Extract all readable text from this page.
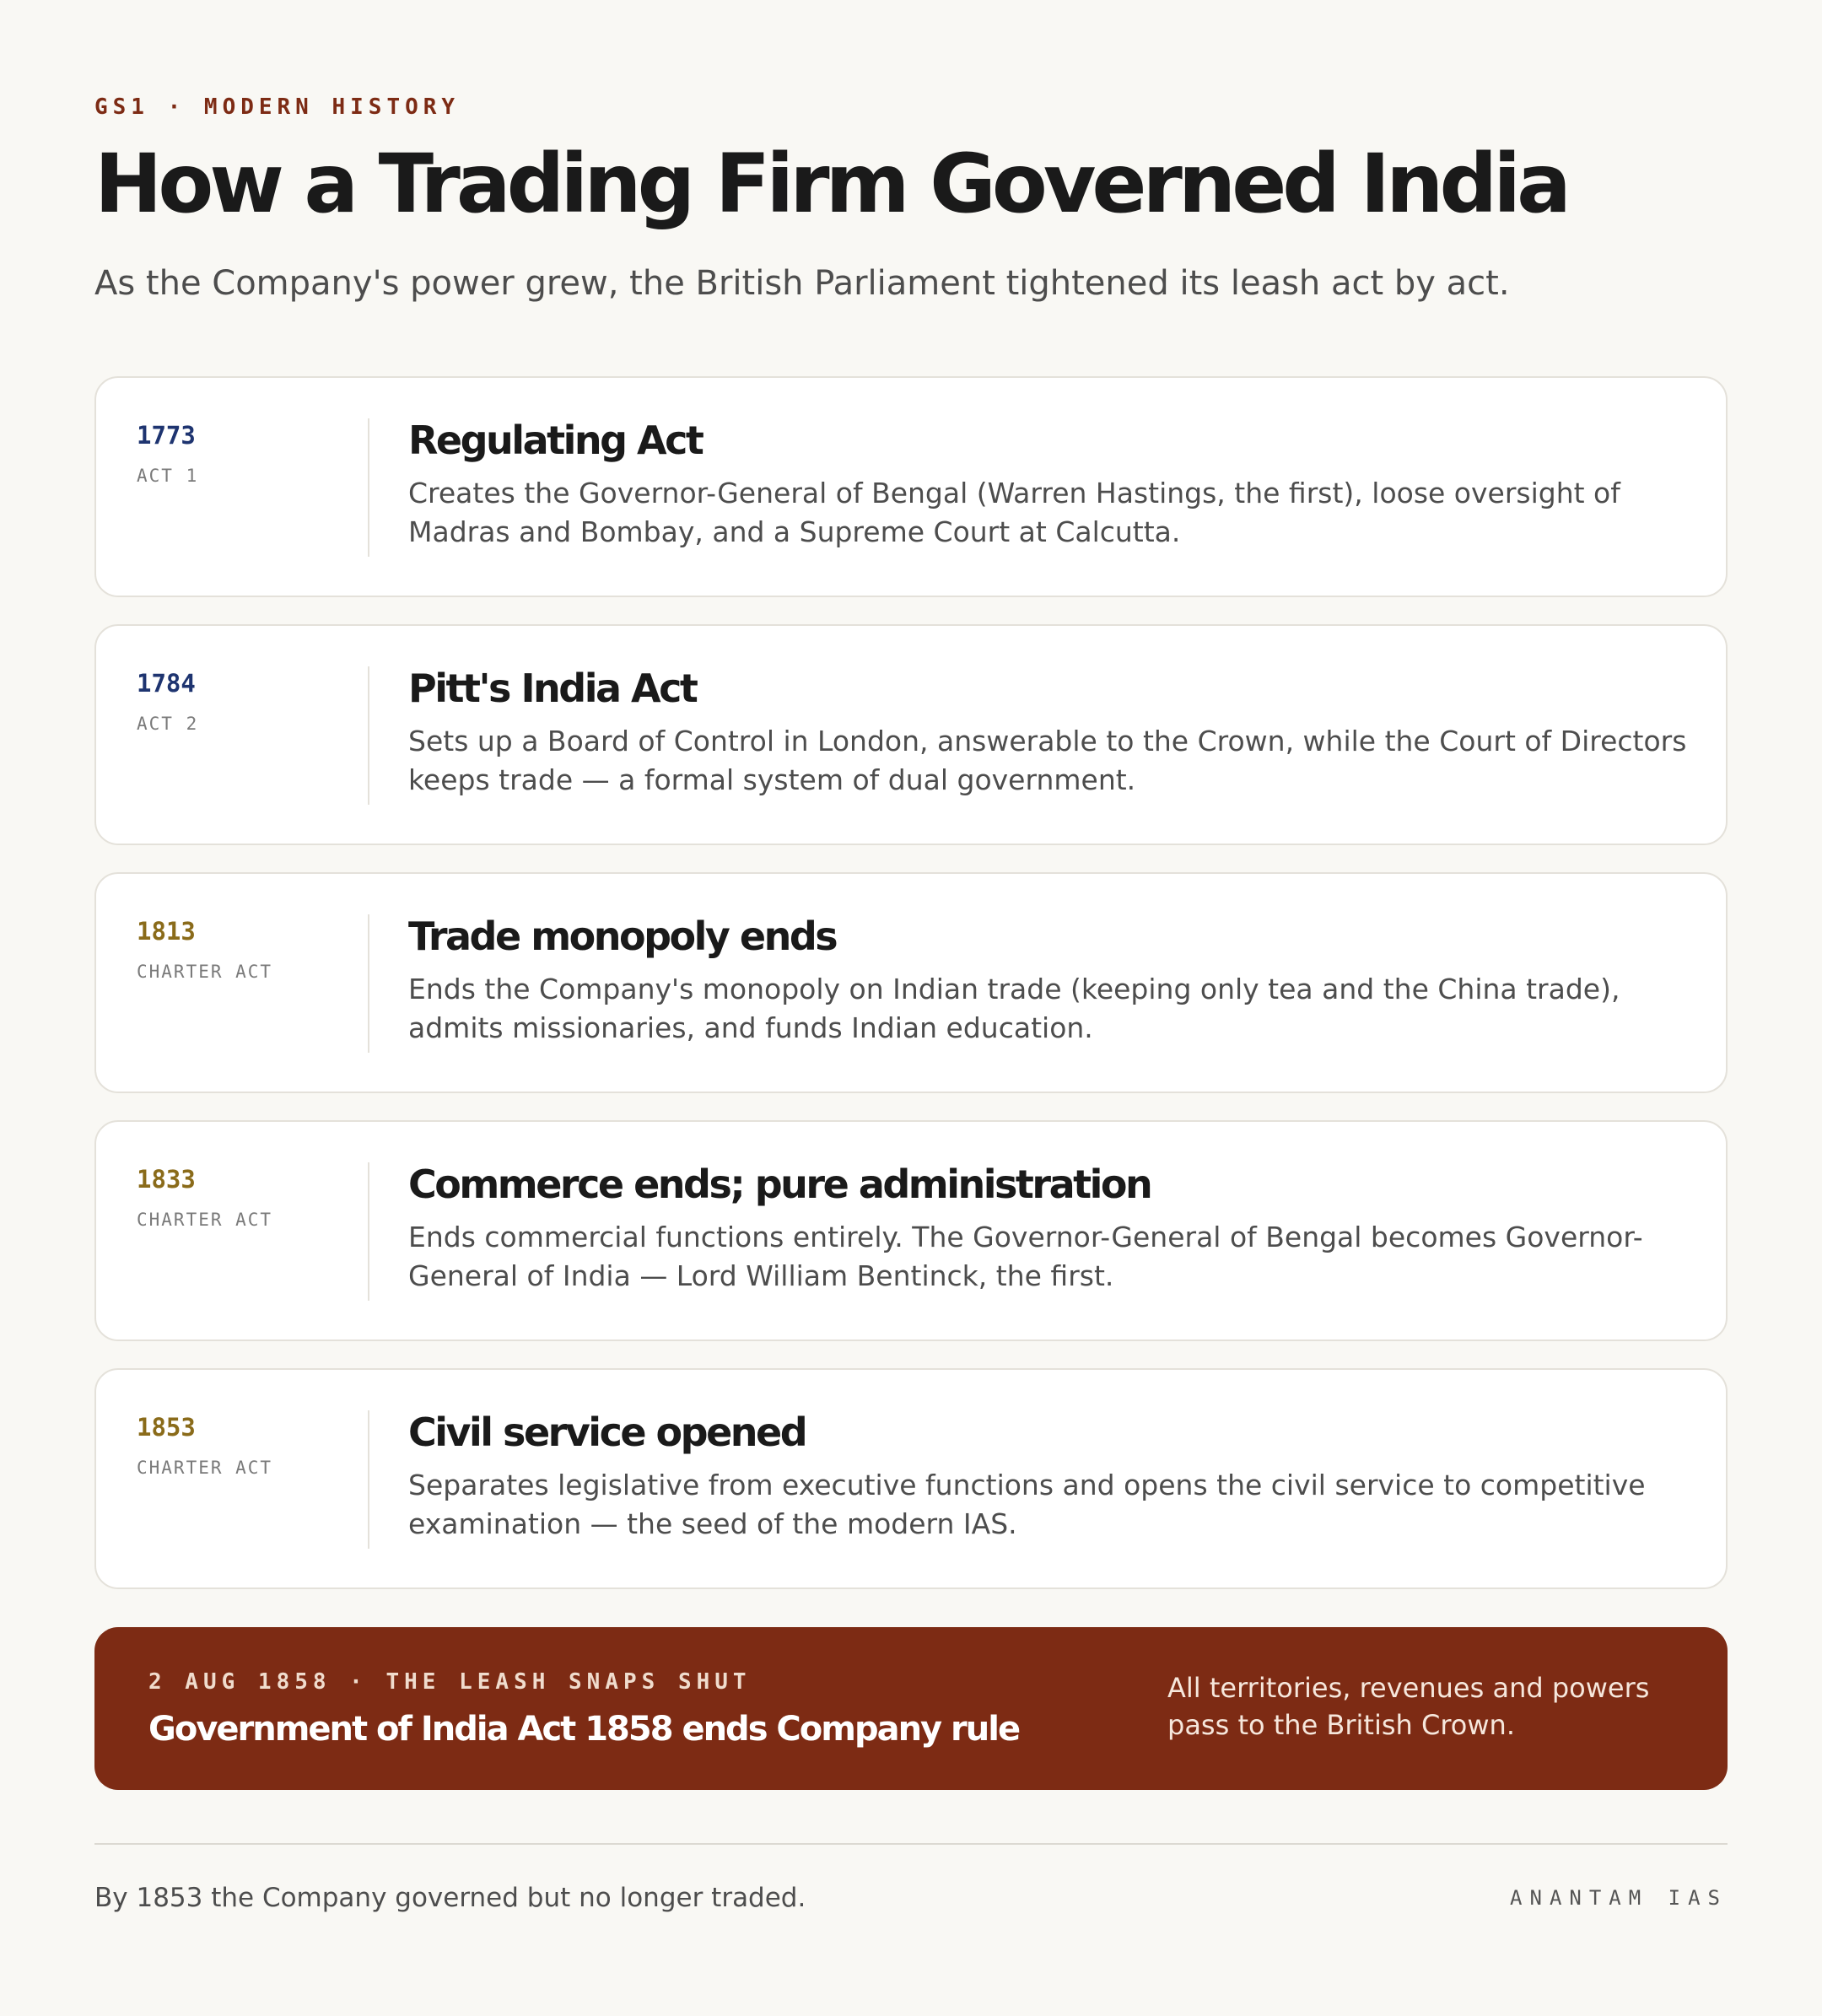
GS1 · MODERN HISTORY
How a Trading Firm Governed India

As the Company's power grew, the British Parliament tightened its leash act by act.

1773
ACT 1
Regulating Act

Creates the Governor-General of Bengal (Warren Hastings, the first), loose oversight of Madras and Bombay, and a Supreme Court at Calcutta.

1784
ACT 2
Pitt's India Act

Sets up a Board of Control in London, answerable to the Crown, while the Court of Directors keeps trade — a formal system of dual government.

1813
CHARTER ACT
Trade monopoly ends

Ends the Company's monopoly on Indian trade (keeping only tea and the China trade), admits missionaries, and funds Indian education.

1833
CHARTER ACT
Commerce ends; pure administration

Ends commercial functions entirely. The Governor-General of Bengal becomes Governor-General of India — Lord William Bentinck, the first.

1853
CHARTER ACT
Civil service opened

Separates legislative from executive functions and opens the civil service to competitive examination — the seed of the modern IAS.

2 AUG 1858 · THE LEASH SNAPS SHUT
Government of India Act 1858 ends Company rule

All territories, revenues and powers pass to the British Crown.

By 1853 the Company governed but no longer traded.	ANANTAM IAS
